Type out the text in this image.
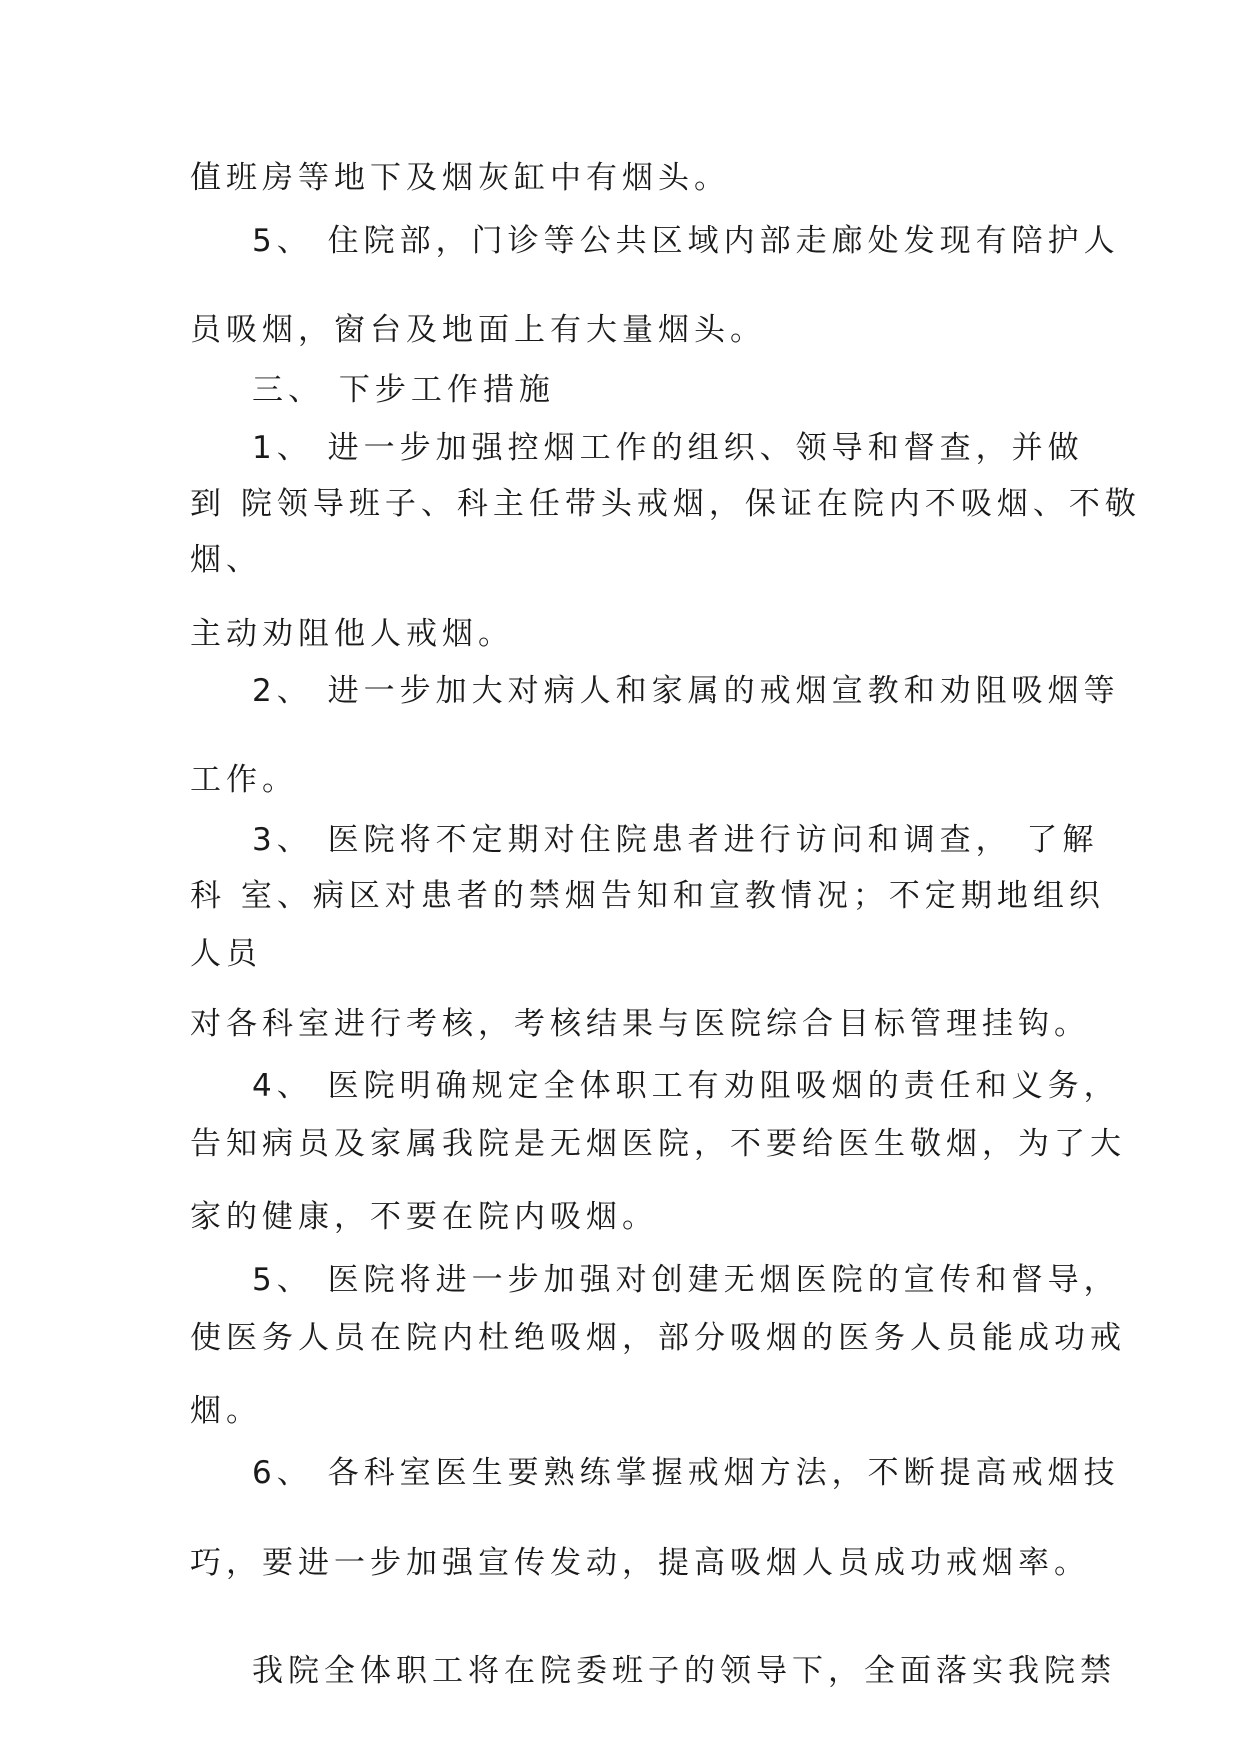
值班房等地下及烟灰缸中有烟头。
5、 住院部，门诊等公共区域内部走廊处发现有陪护人
员吸烟，窗台及地面上有大量烟头。
三、 下步工作措施
1、 进一步加强控烟工作的组织、领导和督查，并做
到 院领导班子、科主任带头戒烟，保证在院内不吸烟、不敬
烟、
主动劝阻他人戒烟。
2、 进一步加大对病人和家属的戒烟宣教和劝阻吸烟等
工作。
3、 医院将不定期对住院患者进行访问和调查， 了解
科 室、病区对患者的禁烟告知和宣教情况；不定期地组织
人员
对各科室进行考核，考核结果与医院综合目标管理挂钩。
4、 医院明确规定全体职工有劝阻吸烟的责任和义务，
告知病员及家属我院是无烟医院，不要给医生敬烟，为了大
家的健康，不要在院内吸烟。
5、 医院将进一步加强对创建无烟医院的宣传和督导，
使医务人员在院内杜绝吸烟，部分吸烟的医务人员能成功戒
烟。
6、 各科室医生要熟练掌握戒烟方法，不断提高戒烟技
巧，要进一步加强宣传发动，提高吸烟人员成功戒烟率。
我院全体职工将在院委班子的领导下，全面落实我院禁
